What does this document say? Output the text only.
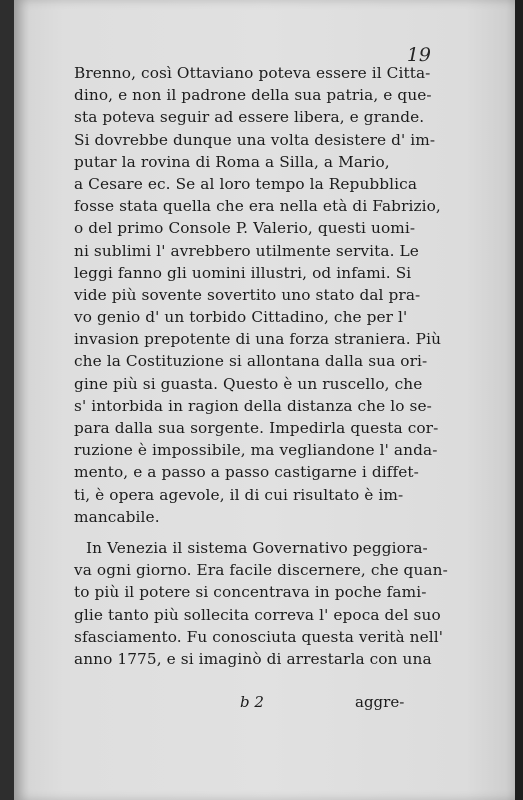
19
Brenno, così Ottaviano poteva essere il Citta-
dino, e non il padrone della sua patria, e que-
sta poteva seguir ad essere libera, e grande.
Si dovrebbe dunque una volta desistere d' im-
putar la rovina di Roma a Silla, a Mario,
a Cesare ec. Se al loro tempo la Repubblica
fosse stata quella che era nella età di Fabrizio,
o del primo Console P. Valerio, questi uomi-
ni sublimi l' avrebbero utilmente servita. Le
leggi fanno gli uomini illustri, od infami. Si
vide più sovente sovertito uno stato dal pra-
vo genio d' un torbido Cittadino, che per l'
invasion prepotente di una forza straniera. Più
che la Costituzione si allontana dalla sua ori-
gine più si guasta. Questo è un ruscello, che
s' intorbida in ragion della distanza che lo se-
para dalla sua sorgente. Impedirla questa cor-
ruzione è impossibile, ma vegliandone l' anda-
mento, e a passo a passo castigarne i diffet-
ti, è opera agevole, il di cui risultato è im-
mancabile.
In Venezia il sistema Governativo peggiora-
va ogni giorno. Era facile discernere, che quan-
to più il potere si concentrava in poche fami-
glie tanto più sollecita correva l' epoca del suo
sfasciamento. Fu conosciuta questa verità nell'
anno 1775, e si imaginò di arrestarla con una
b 2	aggre-
